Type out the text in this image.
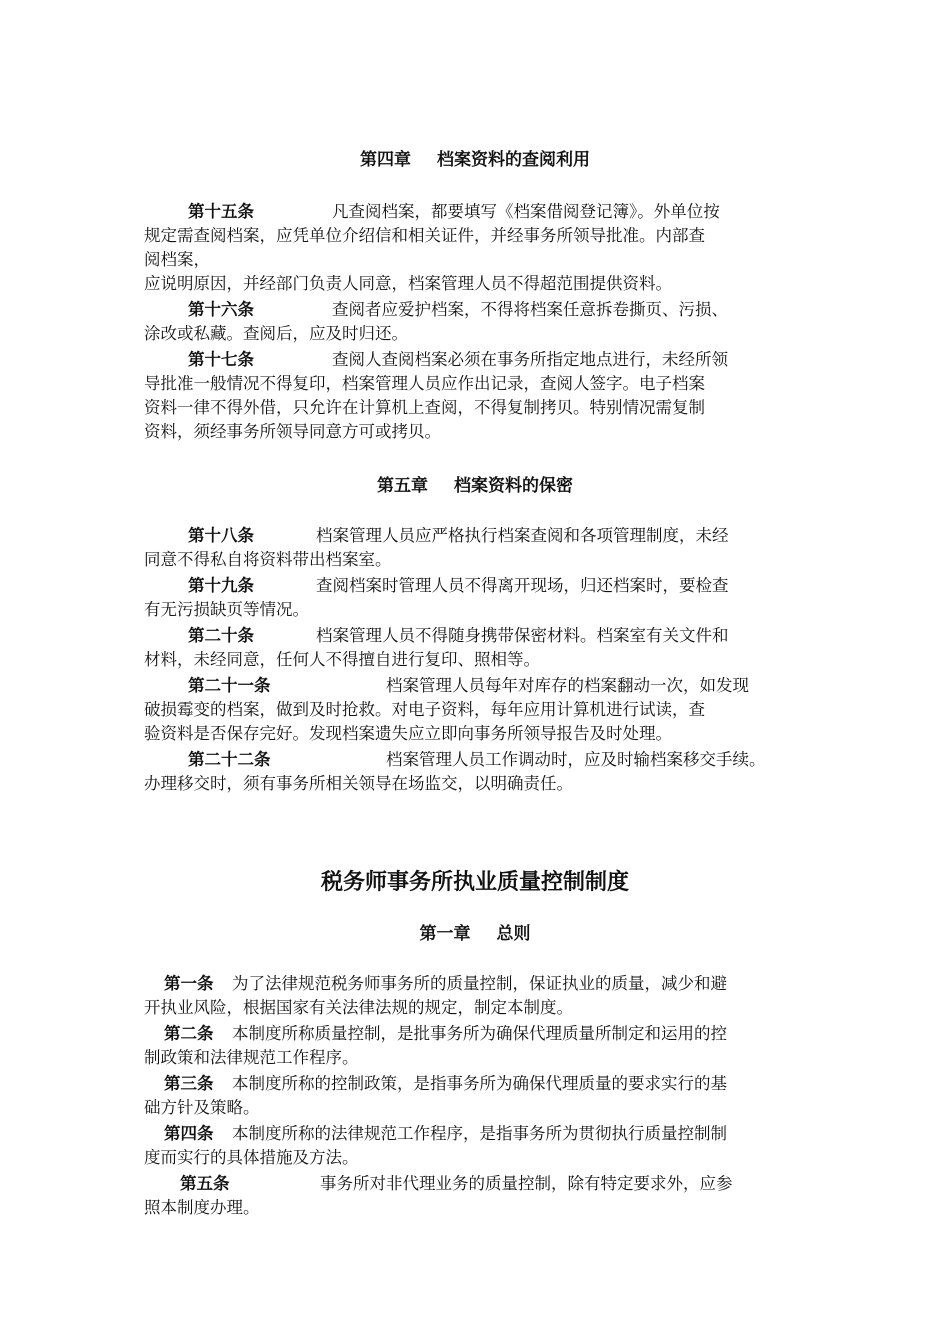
第四章 档案资料的查阅利用

第十五条	凡查阅档案，都要填写《档案借阅登记簿》。外单位按

规定需查阅档案，应凭单位介绍信和相关证件，并经事务所领导批准。内部查

阅档案，

应说明原因，并经部门负责人同意，档案管理人员不得超范围提供资料。

第十六条	查阅者应爱护档案，不得将档案任意拆卷撕页、污损、

涂改或私藏。查阅后，应及时归还。

第十七条	查阅人查阅档案必须在事务所指定地点进行，未经所领

导批准一般情况不得复印，档案管理人员应作出记录，查阅人签字。电子档案

资料一律不得外借，只允许在计算机上查阅，不得复制拷贝。特别情况需复制

资料，须经事务所领导同意方可或拷贝。

第五章 档案资料的保密

第十八条	档案管理人员应严格执行档案查阅和各项管理制度，未经

同意不得私自将资料带出档案室。

第十九条	查阅档案时管理人员不得离开现场，归还档案时，要检查

有无污损缺页等情况。

第二十条	档案管理人员不得随身携带保密材料。档案室有关文件和

材料，未经同意，任何人不得擅自进行复印、照相等。

第二十一条	档案管理人员每年对库存的档案翻动一次，如发现

破损霉变的档案，做到及时抢救。对电子资料，每年应用计算机进行试读，查

验资料是否保存完好。发现档案遗失应立即向事务所领导报告及时处理。

第二十二条	档案管理人员工作调动时，应及时输档案移交手续。

办理移交时，须有事务所相关领导在场监交，以明确责任。

税务师事务所执业质量控制制度
第一章 总则

第一条 为了法律规范税务师事务所的质量控制，保证执业的质量，减少和避

开执业风险，根据国家有关法律法规的规定，制定本制度。

第二条 本制度所称质量控制，是批事务所为确保代理质量所制定和运用的控

制政策和法律规范工作程序。

第三条 本制度所称的控制政策，是指事务所为确保代理质量的要求实行的基

础方针及策略。

第四条 本制度所称的法律规范工作程序，是指事务所为贯彻执行质量控制制

度而实行的具体措施及方法。

第五条	事务所对非代理业务的质量控制，除有特定要求外，应参

照本制度办理。
